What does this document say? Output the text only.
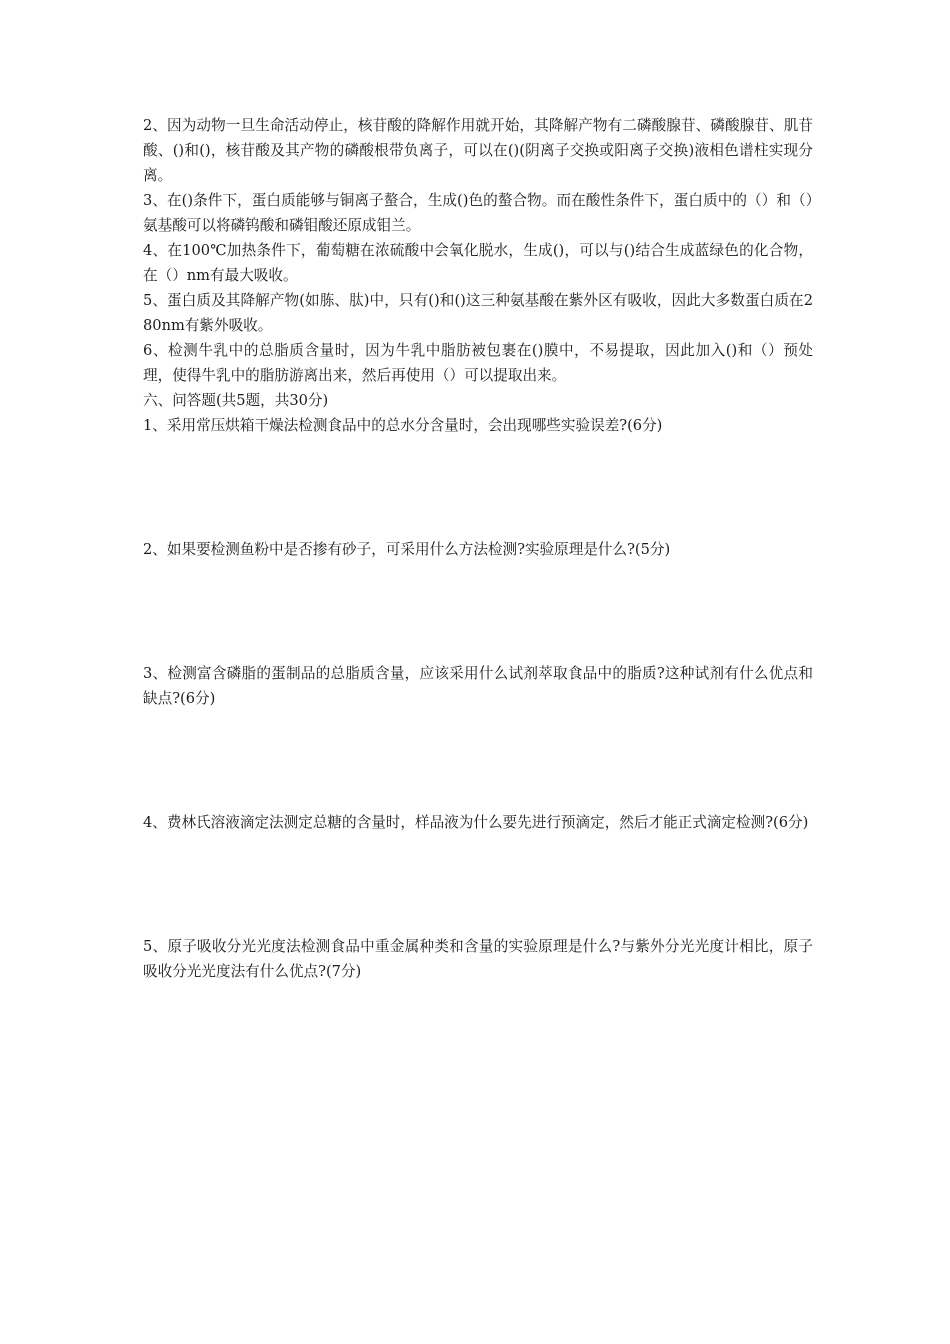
2、因为动物一旦生命活动停止，核苷酸的降解作用就开始，其降解产物有二磷酸腺苷、磷酸腺苷、肌苷酸、()和()，核苷酸及其产物的磷酸根带负离子，可以在()(阴离子交换或阳离子交换)液相色谱柱实现分离。

3、在()条件下，蛋白质能够与铜离子螯合，生成()色的螯合物。而在酸性条件下，蛋白质中的（）和（）氨基酸可以将磷钨酸和磷钼酸还原成钼兰。

4、在100℃加热条件下，葡萄糖在浓硫酸中会氧化脱水，生成()，可以与()结合生成蓝绿色的化合物，在（）nm有最大吸收。

5、蛋白质及其降解产物(如胨、肽)中，只有()和()这三种氨基酸在紫外区有吸收，因此大多数蛋白质在280nm有紫外吸收。

6、检测牛乳中的总脂质含量时，因为牛乳中脂肪被包裹在()膜中，不易提取，因此加入()和（）预处理，使得牛乳中的脂肪游离出来，然后再使用（）可以提取出来。

六、问答题(共5题，共30分)

1、采用常压烘箱干燥法检测食品中的总水分含量时，会出现哪些实验误差?(6分)

2、如果要检测鱼粉中是否掺有砂子，可采用什么方法检测?实验原理是什么?(5分)

3、检测富含磷脂的蛋制品的总脂质含量，应该采用什么试剂萃取食品中的脂质?这种试剂有什么优点和缺点?(6分)

4、费林氏溶液滴定法测定总糖的含量时，样品液为什么要先进行预滴定，然后才能正式滴定检测?(6分)

5、原子吸收分光光度法检测食品中重金属种类和含量的实验原理是什么?与紫外分光光度计相比，原子吸收分光光度法有什么优点?(7分)
